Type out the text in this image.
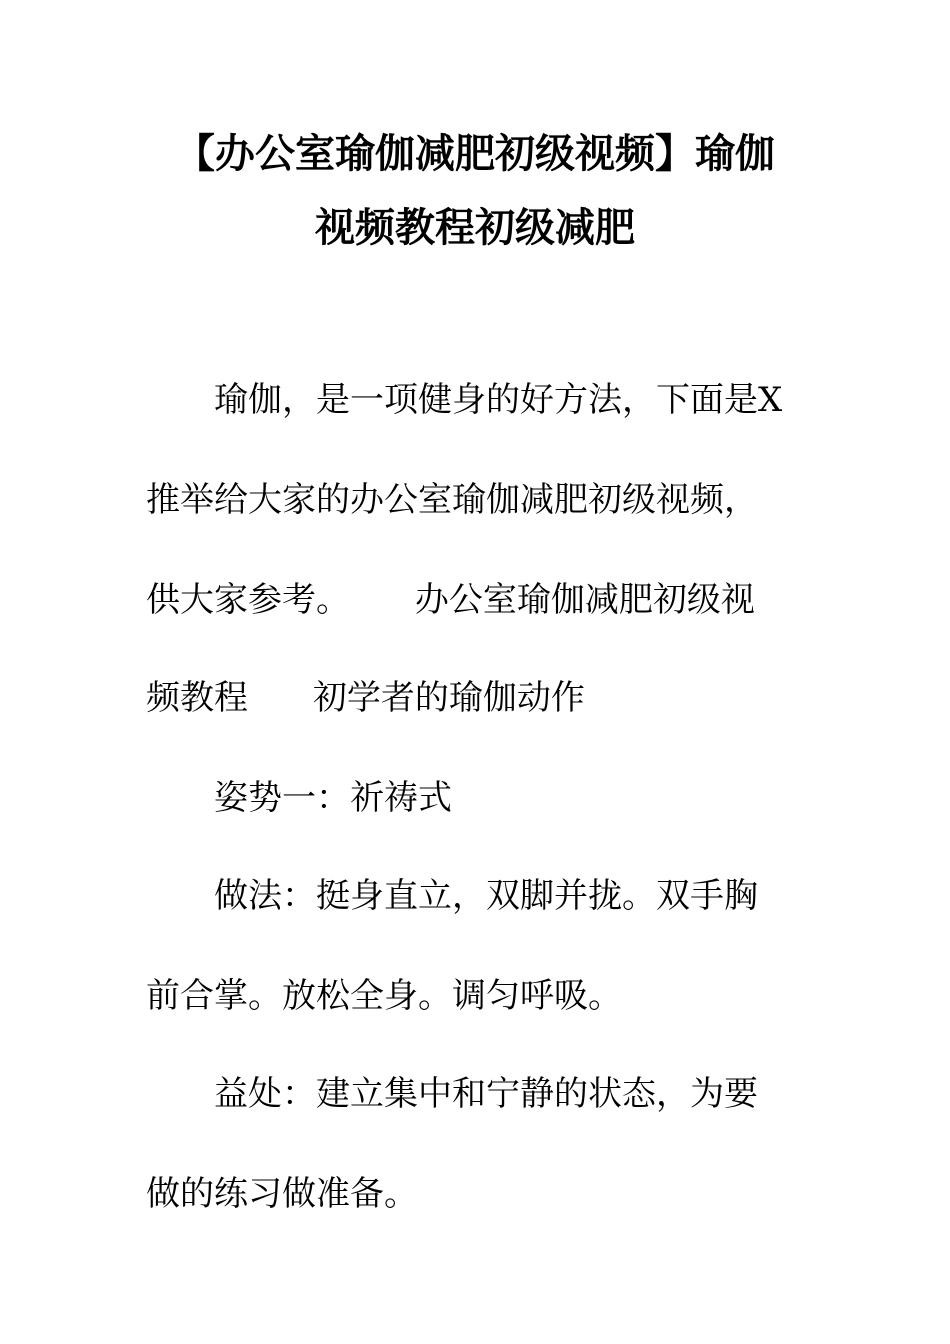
【办公室瑜伽减肥初级视频】瑜伽
视频教程初级减肥
瑜伽，是一项健身的好方法，下面是X
推举给大家的办公室瑜伽减肥初级视频，
供大家参考。      办公室瑜伽减肥初级视
频教程      初学者的瑜伽动作
姿势一：祈祷式
做法：挺身直立，双脚并拢。双手胸
前合掌。放松全身。调匀呼吸。
益处：建立集中和宁静的状态，为要
做的练习做准备。
